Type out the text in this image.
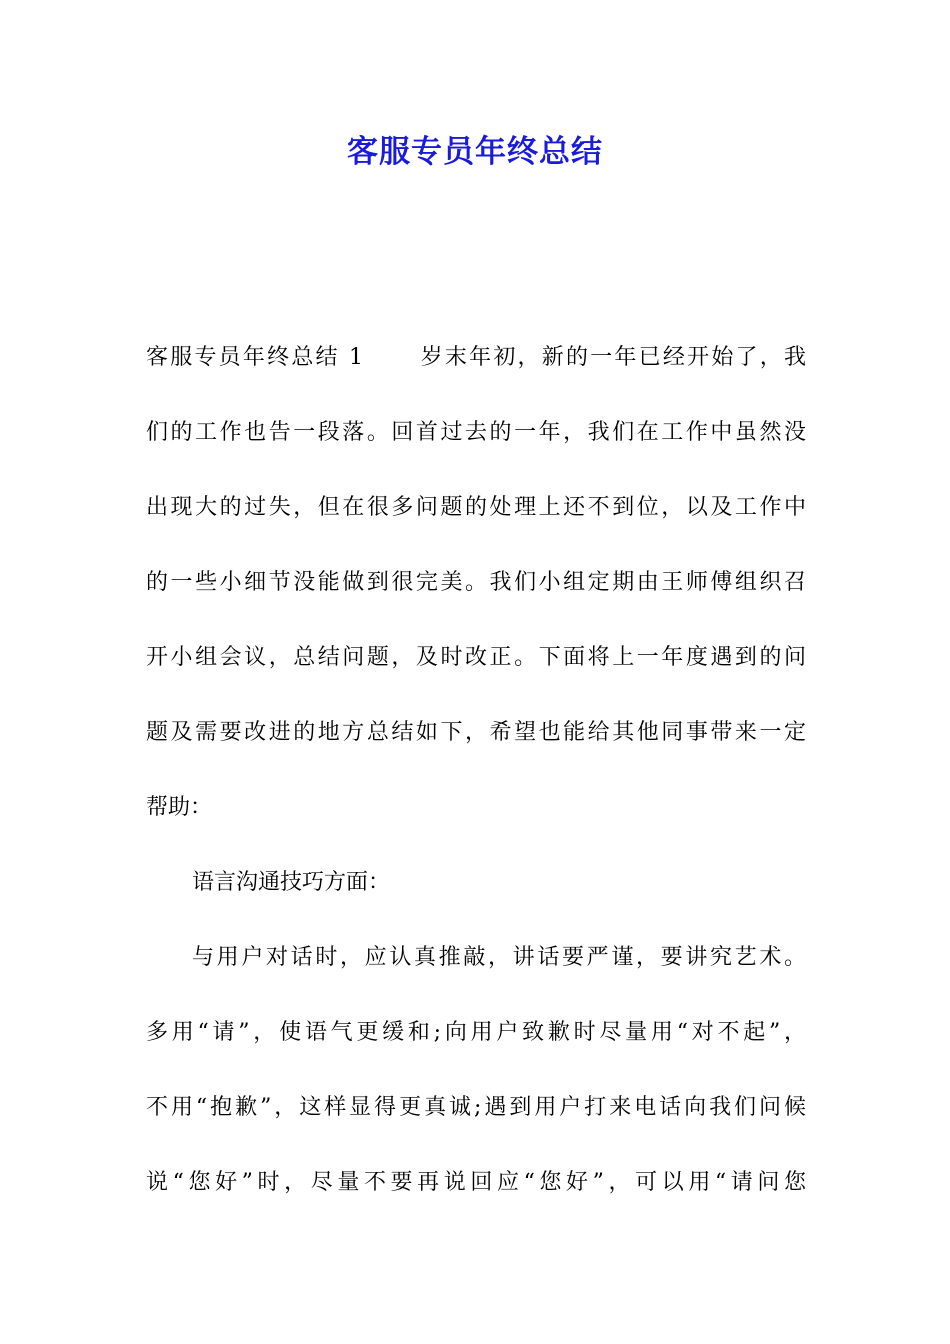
客服专员年终总结

客服专员年终总结 1 　　岁末年初，新的一年已经开始了，我

们的工作也告一段落。回首过去的一年，我们在工作中虽然没

出现大的过失，但在很多问题的处理上还不到位，以及工作中

的一些小细节没能做到很完美。我们小组定期由王师傅组织召

开小组会议，总结问题，及时改正。下面将上一年度遇到的问

题及需要改进的地方总结如下，希望也能给其他同事带来一定

帮助：

语言沟通技巧方面：

与用户对话时，应认真推敲，讲话要严谨，要讲究艺术。

多用“请”，使语气更缓和;向用户致歉时尽量用“对不起”，

不用“抱歉”，这样显得更真诚;遇到用户打来电话向我们问候

说“您好”时，尽量不要再说回应“您好”，可以用“请问您
